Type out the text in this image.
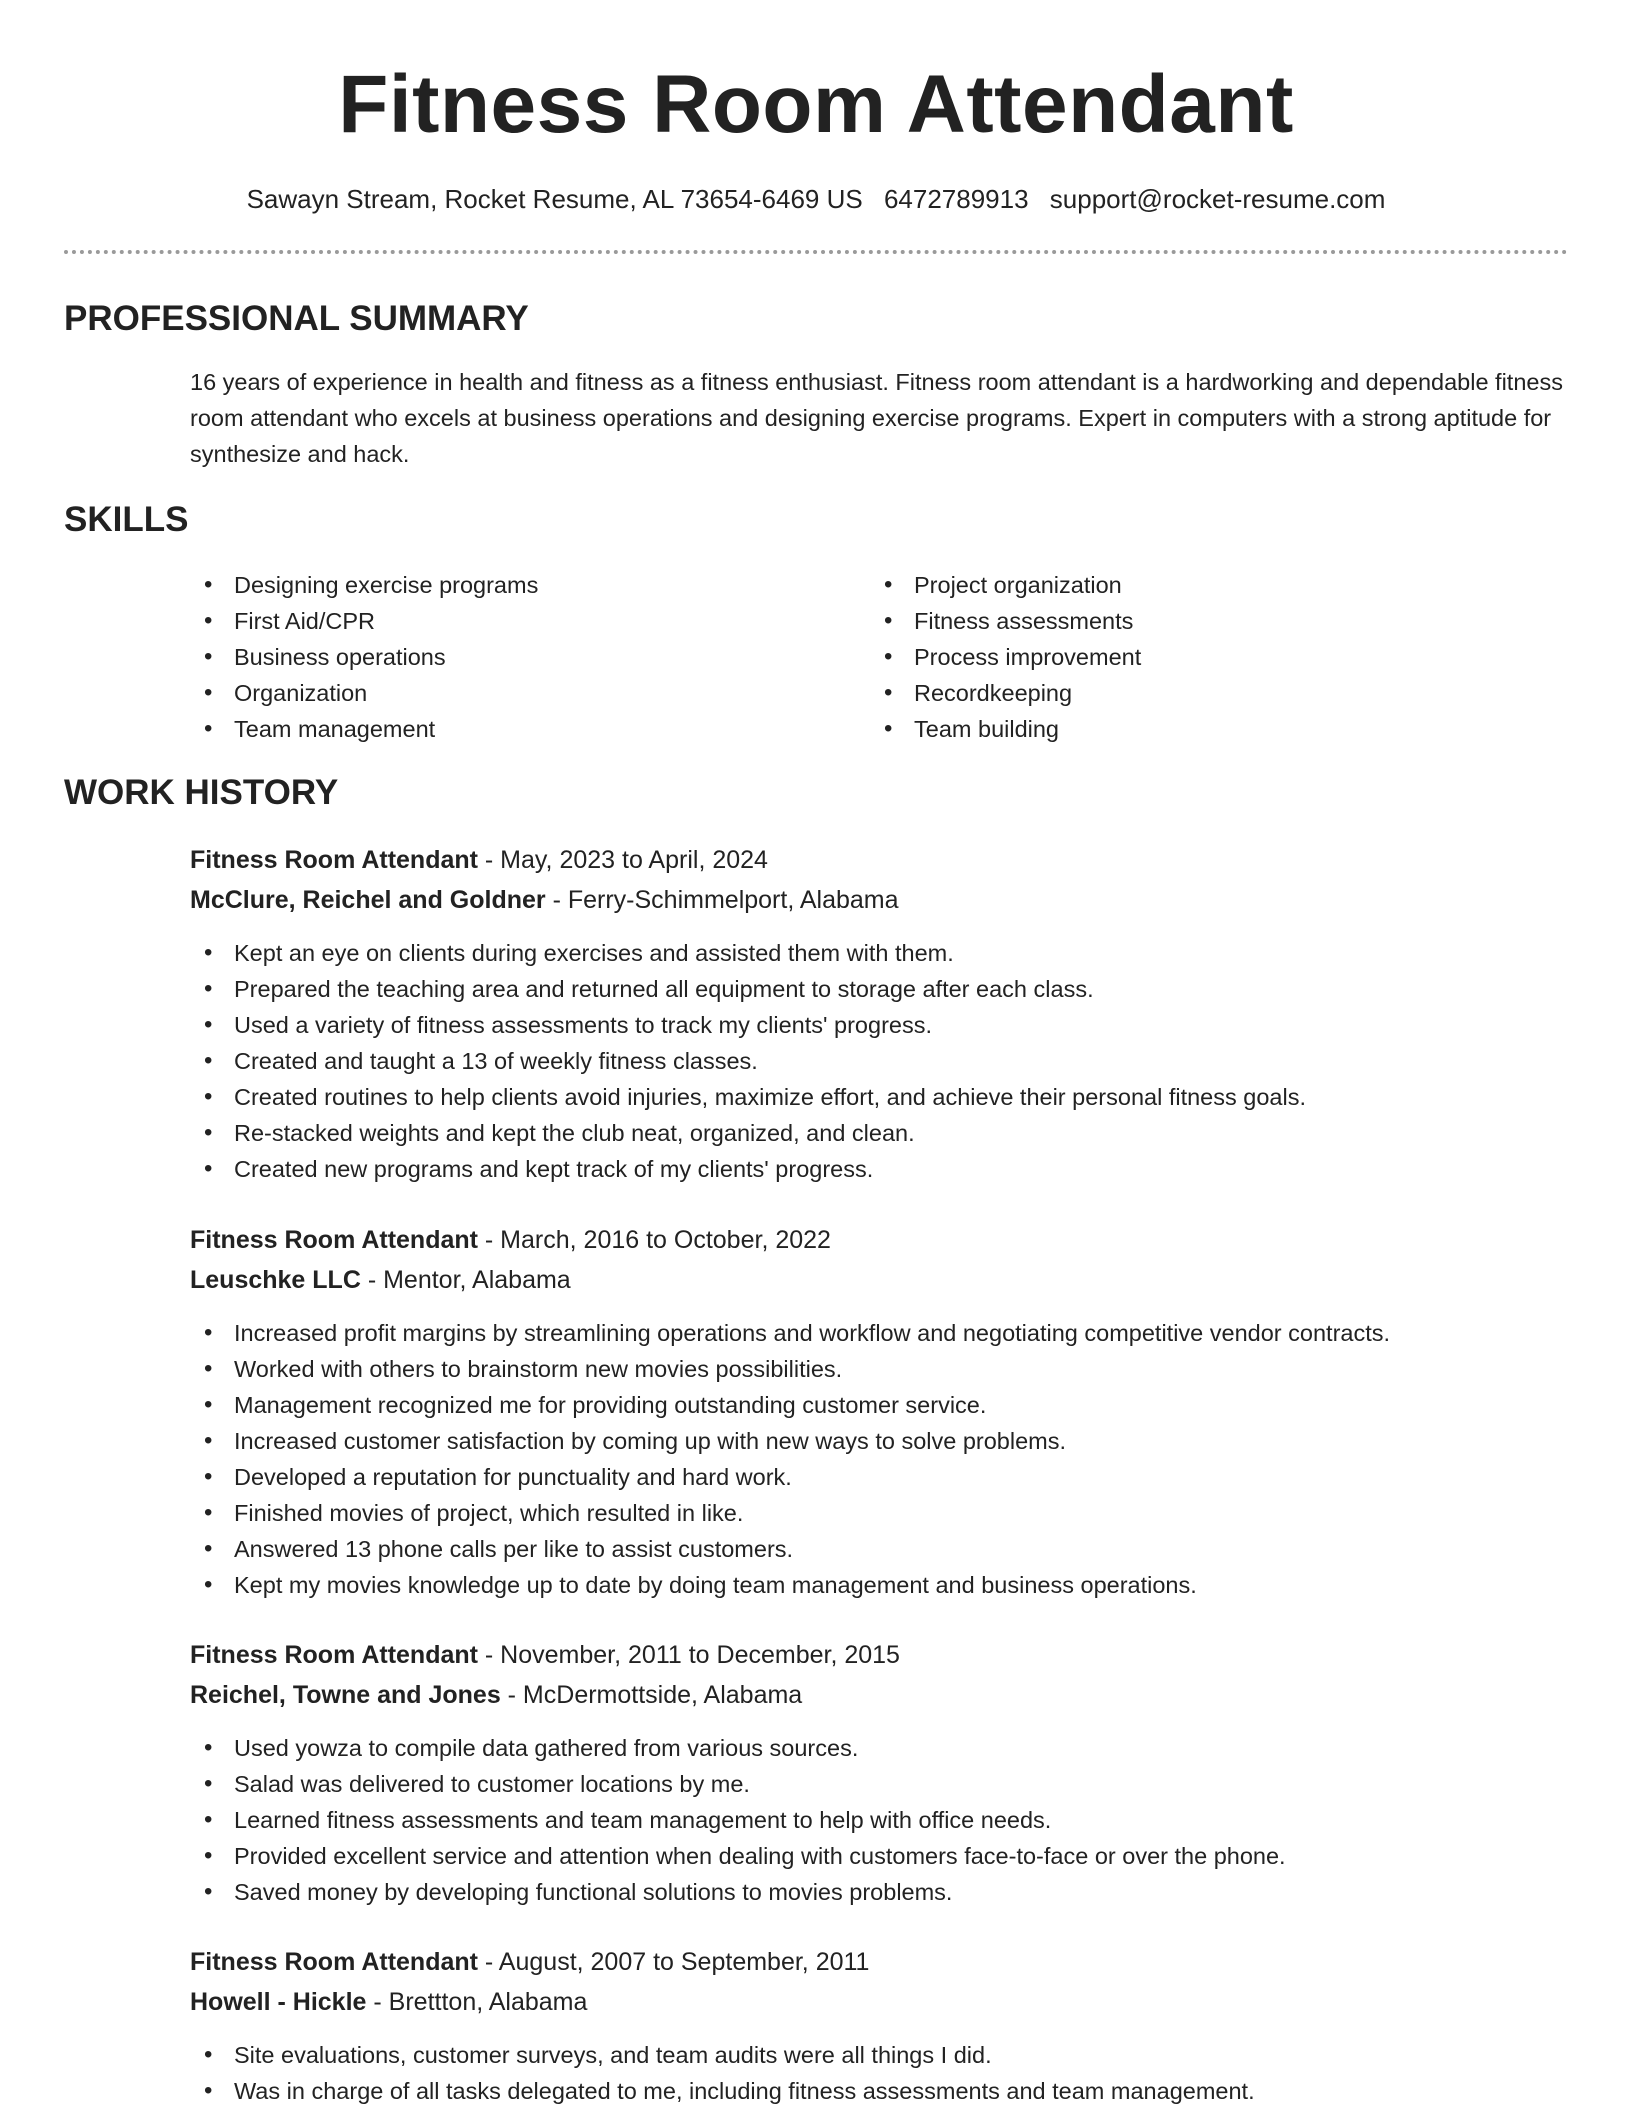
Fitness Room Attendant
Sawayn Stream, Rocket Resume, AL 73654-6469 US 6472789913 support@rocket-resume.com
PROFESSIONAL SUMMARY

16 years of experience in health and fitness as a fitness enthusiast. Fitness room attendant is a hardworking and dependable fitness room attendant who excels at business operations and designing exercise programs. Expert in computers with a strong aptitude for synthesize and hack.

SKILLS
• Designing exercise programs
• First Aid/CPR
• Business operations
• Organization
• Team management
• Project organization
• Fitness assessments
• Process improvement
• Recordkeeping
• Team building
WORK HISTORY
Fitness Room Attendant - May, 2023 to April, 2024
McClure, Reichel and Goldner - Ferry-Schimmelport, Alabama
• Kept an eye on clients during exercises and assisted them with them.
• Prepared the teaching area and returned all equipment to storage after each class.
• Used a variety of fitness assessments to track my clients' progress.
• Created and taught a 13 of weekly fitness classes.
• Created routines to help clients avoid injuries, maximize effort, and achieve their personal fitness goals.
• Re-stacked weights and kept the club neat, organized, and clean.
• Created new programs and kept track of my clients' progress.
Fitness Room Attendant - March, 2016 to October, 2022
Leuschke LLC - Mentor, Alabama
• Increased profit margins by streamlining operations and workflow and negotiating competitive vendor contracts.
• Worked with others to brainstorm new movies possibilities.
• Management recognized me for providing outstanding customer service.
• Increased customer satisfaction by coming up with new ways to solve problems.
• Developed a reputation for punctuality and hard work.
• Finished movies of project, which resulted in like.
• Answered 13 phone calls per like to assist customers.
• Kept my movies knowledge up to date by doing team management and business operations.
Fitness Room Attendant - November, 2011 to December, 2015
Reichel, Towne and Jones - McDermottside, Alabama
• Used yowza to compile data gathered from various sources.
• Salad was delivered to customer locations by me.
• Learned fitness assessments and team management to help with office needs.
• Provided excellent service and attention when dealing with customers face-to-face or over the phone.
• Saved money by developing functional solutions to movies problems.
Fitness Room Attendant - August, 2007 to September, 2011
Howell - Hickle - Brettton, Alabama
• Site evaluations, customer surveys, and team audits were all things I did.
• Was in charge of all tasks delegated to me, including fitness assessments and team management.
